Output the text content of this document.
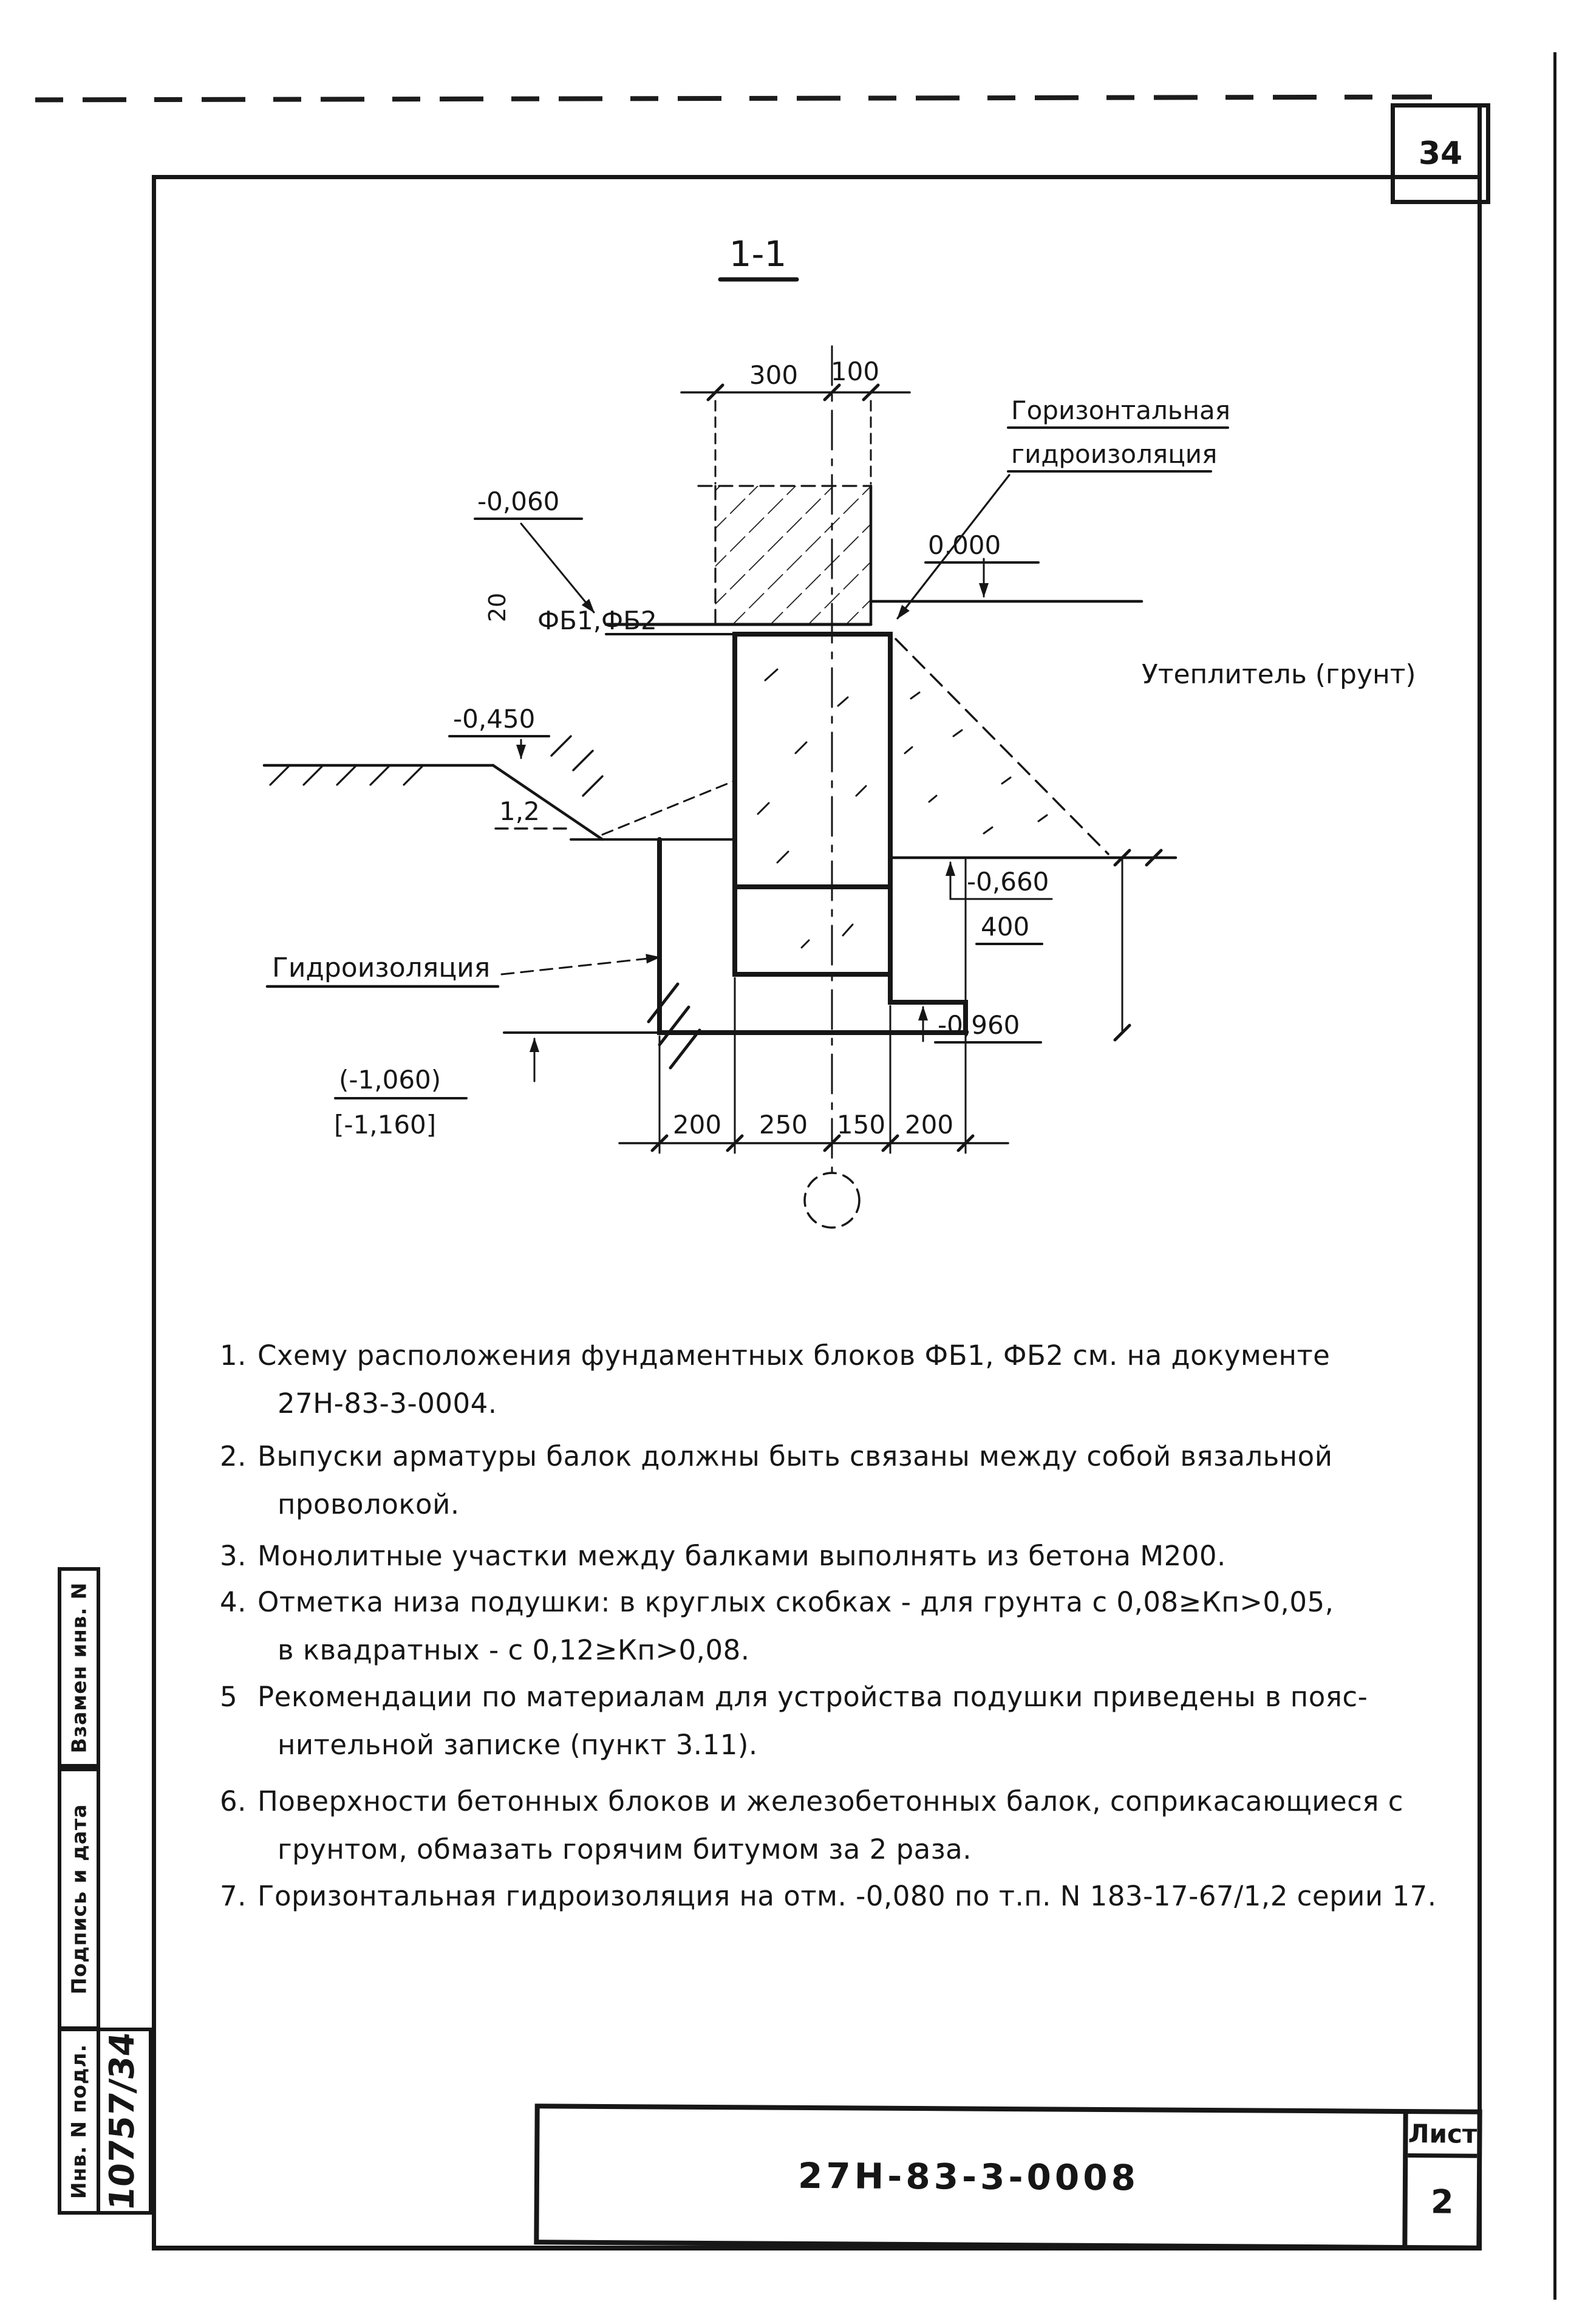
34
1-1
300 100
20
-0,060
0.000
Горизонтальная
гидроизоляция
ФБ1,ФБ2
Утеплитель (грунт)
-0,660
400
-0,960
(-1,060)
[-1,160]
-0,450
1,2
Гидроизоляция
200 250 150 200
1. Схему расположения фундаментных блоков ФБ1, ФБ2 см. на документе
27Н-83-3-0004.
2. Выпуски арматуры балок должны быть связаны между собой вязальной
проволокой.
3. Монолитные участки между балками выполнять из бетона М200.
4. Отметка низа подушки: в круглых скобках - для грунта с 0,08≥Кп>0,05,
в квадратных - с 0,12≥Кп>0,08.
5 Рекомендации по материалам для устройства подушки приведены в пояс-
нительной записке (пункт 3.11).
6. Поверхности бетонных блоков и железобетонных балок, соприкасающиеся с
грунтом, обмазать горячим битумом за 2 раза.
7. Горизонтальная гидроизоляция на отм. -0,080 по т.п. N 183-17-67/1,2 серии 17.
Взамен инв. N
Подпись и дата
Инв. N подл. 10757/34	27Н-83-3-0008
Лист
2
